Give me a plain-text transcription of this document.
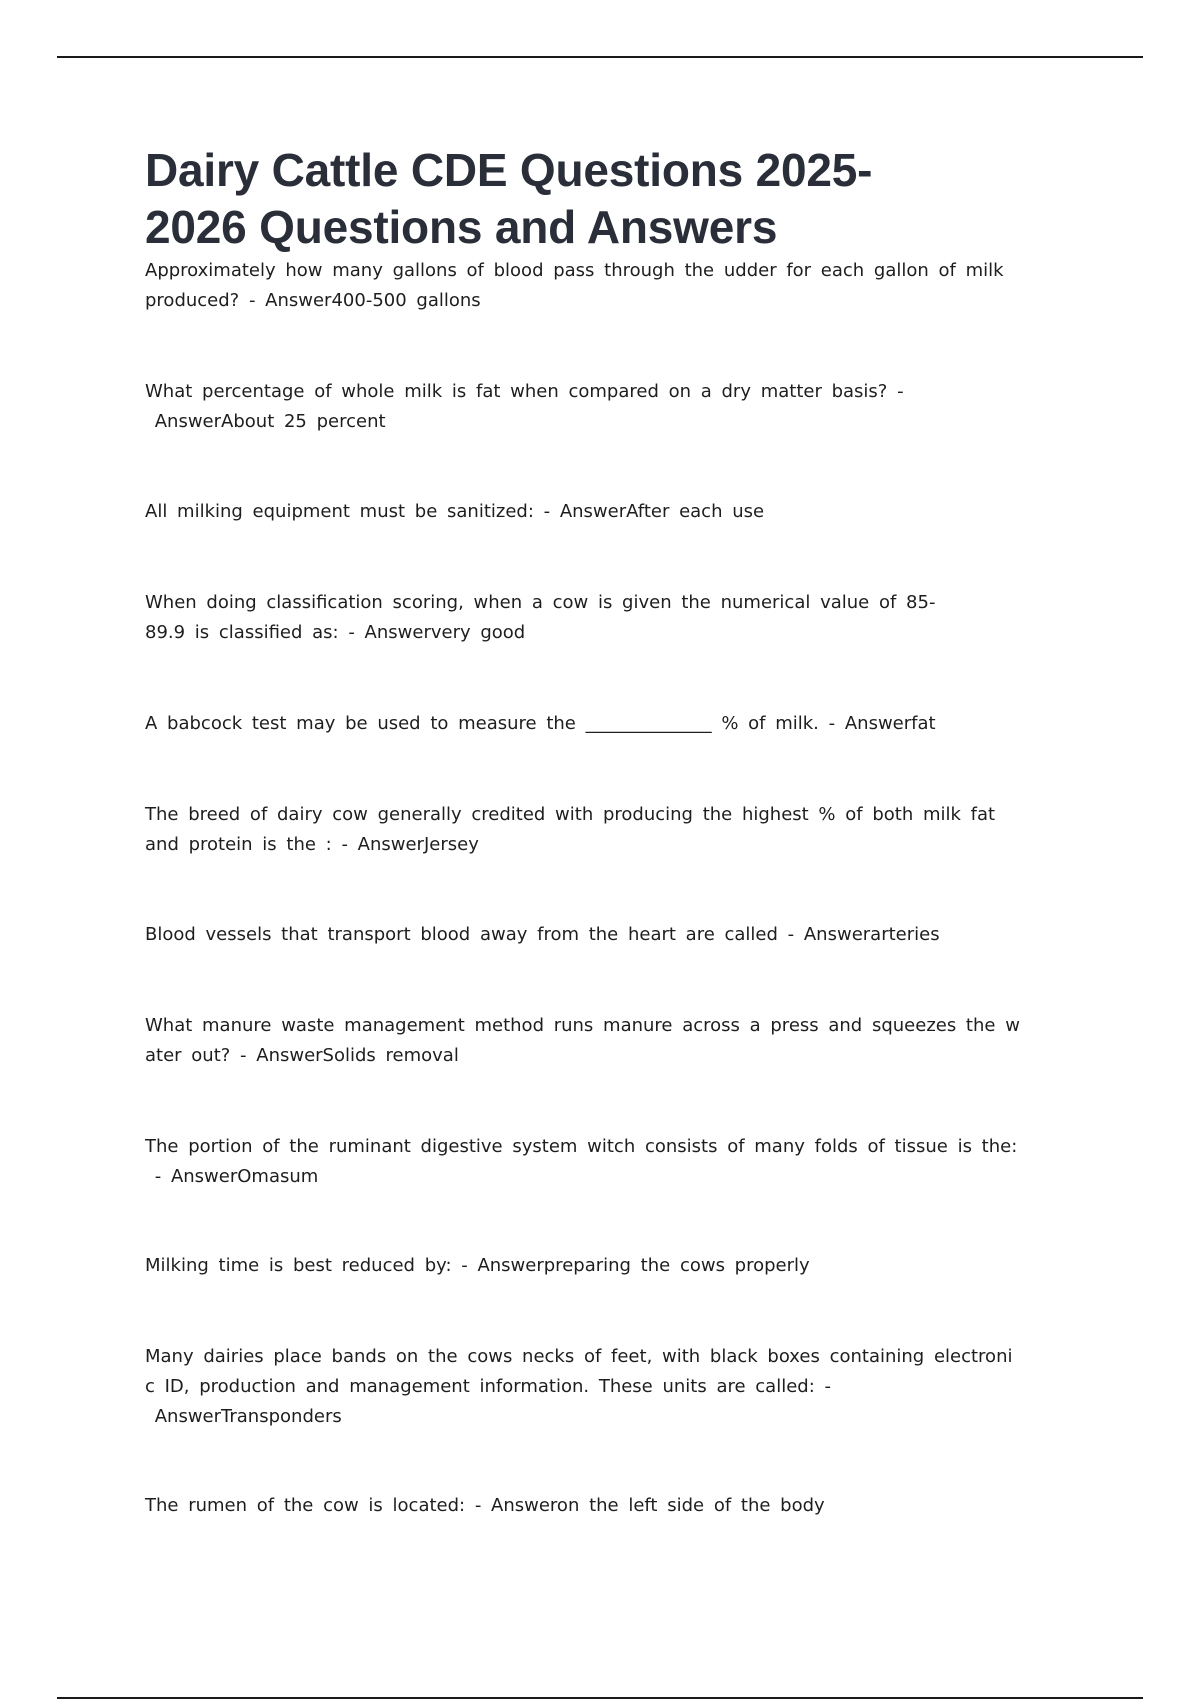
Dairy Cattle CDE Questions 2025-
2026 Questions and Answers

Approximately how many gallons of blood pass through the udder for each gallon of milk
produced? - Answer400-500 gallons

What percentage of whole milk is fat when compared on a dry matter basis? -
AnswerAbout 25 percent

All milking equipment must be sanitized: - AnswerAfter each use

When doing classification scoring, when a cow is given the numerical value of 85-
89.9 is classified as: - Answervery good

A babcock test may be used to measure the ______________ % of milk. - Answerfat

The breed of dairy cow generally credited with producing the highest % of both milk fat
and protein is the : - AnswerJersey

Blood vessels that transport blood away from the heart are called - Answerarteries

What manure waste management method runs manure across a press and squeezes the w
ater out? - AnswerSolids removal

The portion of the ruminant digestive system witch consists of many folds of tissue is the:
- AnswerOmasum

Milking time is best reduced by: - Answerpreparing the cows properly

Many dairies place bands on the cows necks of feet, with black boxes containing electroni
c ID, production and management information. These units are called: -
AnswerTransponders

The rumen of the cow is located: - Answeron the left side of the body
